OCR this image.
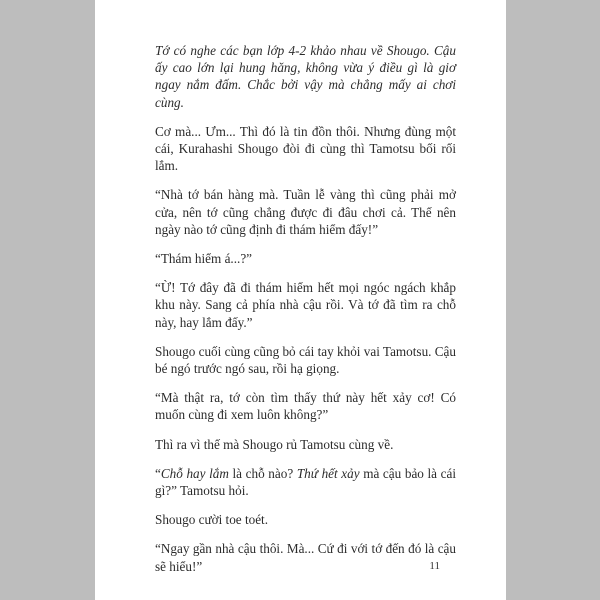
Tớ có nghe các bạn lớp 4-2 khảo nhau về Shougo. Cậu ấy cao lớn lại hung hăng, không vừa ý điều gì là giơ ngay nắm đấm. Chắc bởi vậy mà chẳng mấy ai chơi cùng.

Cơ mà... Ưm... Thì đó là tin đồn thôi. Nhưng đùng một cái, Kurahashi Shougo đòi đi cùng thì Tamotsu bối rối lắm.

“Nhà tớ bán hàng mà. Tuần lễ vàng thì cũng phải mở cửa, nên tớ cũng chẳng được đi đâu chơi cả. Thế nên ngày nào tớ cũng định đi thám hiểm đấy!”

“Thám hiểm á...?”

“Ừ! Tớ đây đã đi thám hiểm hết mọi ngóc ngách khắp khu này. Sang cả phía nhà cậu rồi. Và tớ đã tìm ra chỗ này, hay lắm đấy.”

Shougo cuối cùng cũng bỏ cái tay khỏi vai Tamotsu. Cậu bé ngó trước ngó sau, rồi hạ giọng.

“Mà thật ra, tớ còn tìm thấy thứ này hết xảy cơ! Có muốn cùng đi xem luôn không?”

Thì ra vì thế mà Shougo rủ Tamotsu cùng về.

“Chỗ hay lắm là chỗ nào? Thứ hết xảy mà cậu bảo là cái gì?” Tamotsu hỏi.

Shougo cười toe toét.

“Ngay gần nhà cậu thôi. Mà... Cứ đi với tớ đến đó là cậu sẽ hiểu!”	11
